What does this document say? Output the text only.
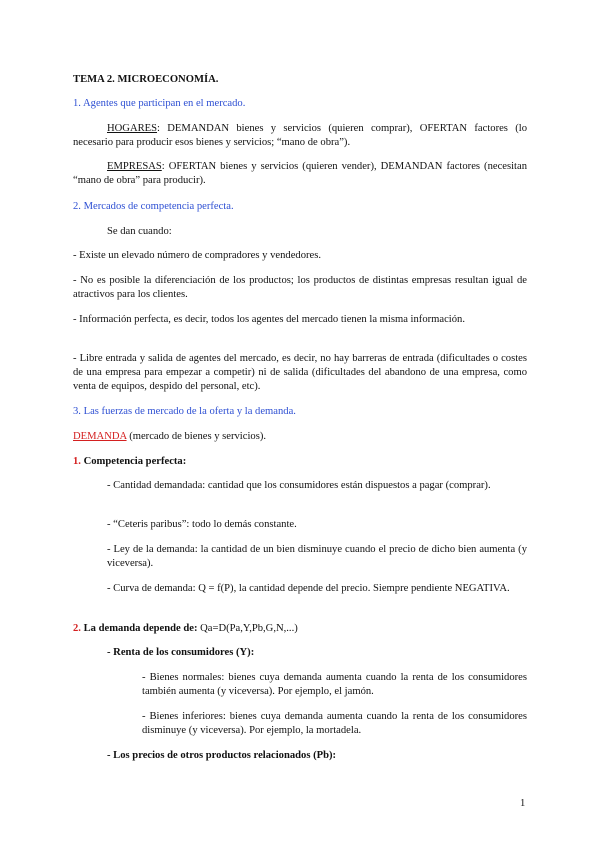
TEMA 2. MICROECONOMÍA.

1. Agentes que participan en el mercado.

HOGARES: DEMANDAN bienes y servicios (quieren comprar), OFERTAN factores (lo necesario para producir esos bienes y servicios; “mano de obra”).

EMPRESAS: OFERTAN bienes y servicios (quieren vender), DEMANDAN factores (necesitan “mano de obra” para producir).

2. Mercados de competencia perfecta.

Se dan cuando:

- Existe un elevado número de compradores y vendedores.

- No es posible la diferenciación de los productos; los productos de distintas empresas resultan igual de atractivos para los clientes.

- Información perfecta, es decir, todos los agentes del mercado tienen la misma información.

- Libre entrada y salida de agentes del mercado, es decir, no hay barreras de entrada (dificultades o costes de una empresa para empezar a competir) ni de salida (dificultades del abandono de una empresa, como venta de equipos, despido del personal, etc).

3. Las fuerzas de mercado de la oferta y la demanda.

DEMANDA (mercado de bienes y servicios).

1. Competencia perfecta:

- Cantidad demandada: cantidad que los consumidores están dispuestos a pagar (comprar).

- “Ceteris paribus”: todo lo demás constante.

- Ley de la demanda: la cantidad de un bien disminuye cuando el precio de dicho bien aumenta (y viceversa).

- Curva de demanda: Q = f(P), la cantidad depende del precio. Siempre pendiente NEGATIVA.

2. La demanda depende de: Qa=D(Pa,Y,Pb,G,N,...)

- Renta de los consumidores (Y):

- Bienes normales: bienes cuya demanda aumenta cuando la renta de los consumidores también aumenta (y viceversa). Por ejemplo, el jamón.

- Bienes inferiores: bienes cuya demanda aumenta cuando la renta de los consumidores disminuye (y viceversa). Por ejemplo, la mortadela.

- Los precios de otros productos relacionados (Pb):

1
